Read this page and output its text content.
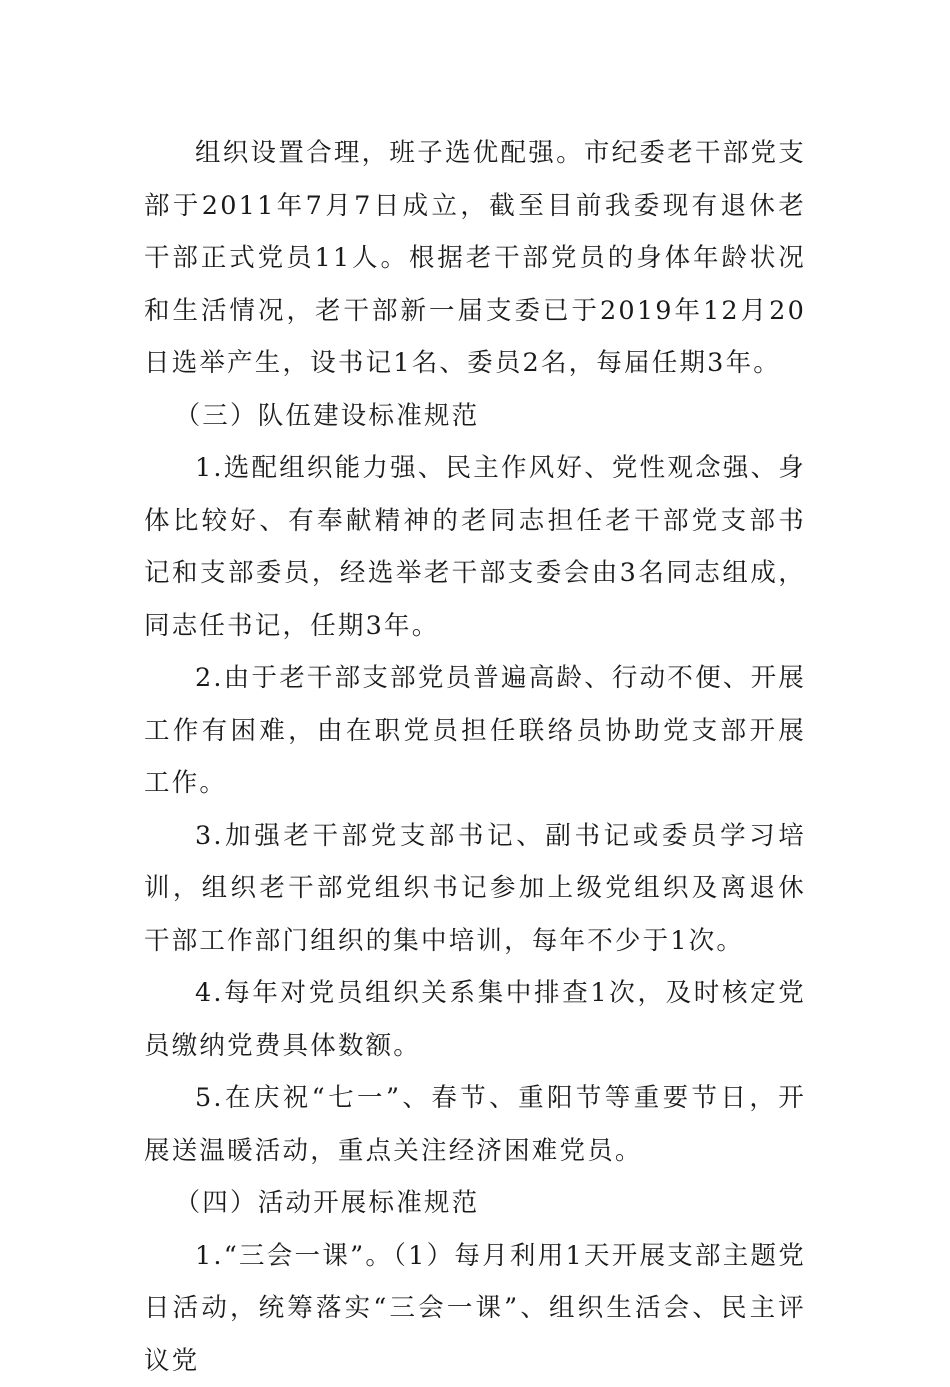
组织设置合理，班子选优配强。市纪委老干部党支部于2011年7月7日成立，截至目前我委现有退休老干部正式党员11人。根据老干部党员的身体年龄状况和生活情况，老干部新一届支委已于2019年12月20日选举产生，设书记1名、委员2名，每届任期3年。

（三）队伍建设标准规范

1.选配组织能力强、民主作风好、党性观念强、身体比较好、有奉献精神的老同志担任老干部党支部书记和支部委员，经选举老干部支委会由3名同志组成，同志任书记，任期3年。

2.由于老干部支部党员普遍高龄、行动不便、开展工作有困难，由在职党员担任联络员协助党支部开展工作。

3.加强老干部党支部书记、副书记或委员学习培训，组织老干部党组织书记参加上级党组织及离退休干部工作部门组织的集中培训，每年不少于1次。

4.每年对党员组织关系集中排查1次，及时核定党员缴纳党费具体数额。

5.在庆祝“七一”、春节、重阳节等重要节日，开展送温暖活动，重点关注经济困难党员。

（四）活动开展标准规范

1.“三会一课”。（1）每月利用1天开展支部主题党日活动，统筹落实“三会一课”、组织生活会、民主评议党
